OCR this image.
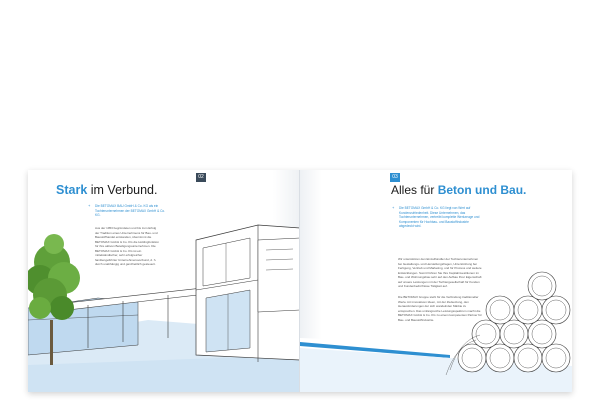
02
Stark im Verbund.
+ Die BETOMAX BAU GmbH & Co. KG als ein Tochterunternehmen der BETOMAX GmbH & Co. KG.
Aus der 1953 begründeten und bis zum Erfolg der Tradition eines Unternehmens für Bau- und Baustoffhandel entstanden, übernimmt die BETOMAX GmbH & Co. KG die Holdingfunktion für ihre aktiven Beteiligungsunternehmen. Die BETOMAX GmbH & Co. KG ist ein mittelständischer, sehr erfolgreicher familiengeführter Unternehmensverbund, d. h. durch unabhängig und ganzheitlich gesteuert.
03
Alles für Beton und Bau.
+ Die BETOMAX GmbH & Co. KG liegt von Wert auf Kundenzufriedenheit. Diese Unternehmen, das Tochterunternehmen, vertreibt komplette Werkzeuge und Komponenten für Hochbau- und Baustoffindustrie abgedeckt wird.
Wir unterstützen den Einzelhändler der Tochterunternehmen bei Gestaltungs- und Herstellungsfragen, Unterstützung bei Fertigung, Vertrieb und Marketing, und für Prozess und weitere Entwicklungen. Somit Führen Sie Ihre Kapitalinvestitionen im Bau- und Wohnungsbau sehr auf den Aufbau Ihrer Eigenschaft auf unsere Leistungen mit der Tochtergesellschaft für Kunden und Kundenbedürfnisse Tätigkeit auf.
Die BETOMAX Gruppe steht für die Verbindung traditioneller Werte mit innovativen Ideen, mit der Zielsetzung, den Herausforderungen der sich wandelnden Märkte zu entsprechen. Das umfangreiche Leistungsspektrum macht die BETOMAX GmbH & Co. KG zu einem kompetenten Partner für Bau- und Baustoffindustrie.
